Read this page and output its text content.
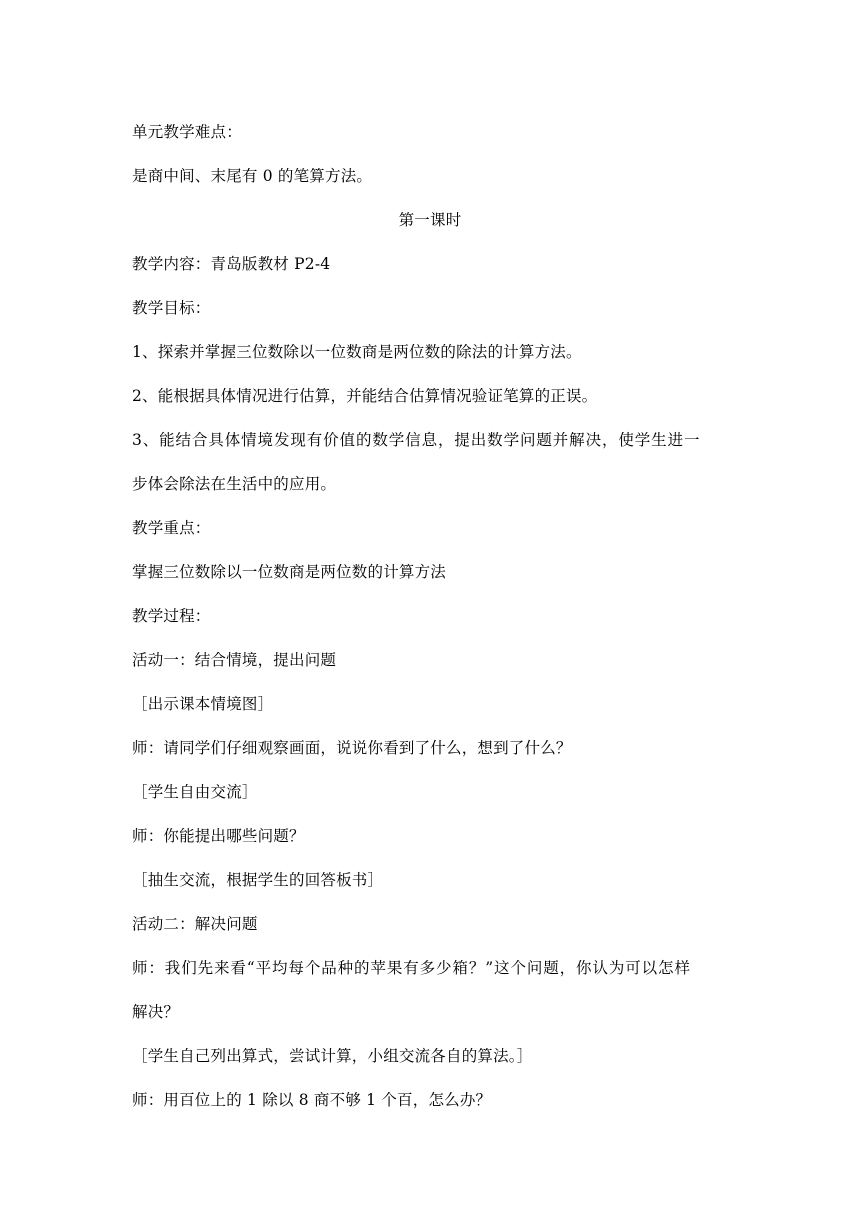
单元教学难点：
是商中间、末尾有 0 的笔算方法。
第一课时
教学内容：青岛版教材 P2-4
教学目标：
1、探索并掌握三位数除以一位数商是两位数的除法的计算方法。
2、能根据具体情况进行估算，并能结合估算情况验证笔算的正误。
3、能结合具体情境发现有价值的数学信息，提出数学问题并解决，使学生进一
步体会除法在生活中的应用。
教学重点：
掌握三位数除以一位数商是两位数的计算方法
教学过程：
活动一：结合情境，提出问题
［出示课本情境图］
师：请同学们仔细观察画面，说说你看到了什么，想到了什么？
［学生自由交流］
师：你能提出哪些问题？
［抽生交流，根据学生的回答板书］
活动二：解决问题
师：我们先来看“平均每个品种的苹果有多少箱？”这个问题，你认为可以怎样
解决？
［学生自己列出算式，尝试计算，小组交流各自的算法。］
师：用百位上的 1 除以 8 商不够 1 个百，怎么办？
